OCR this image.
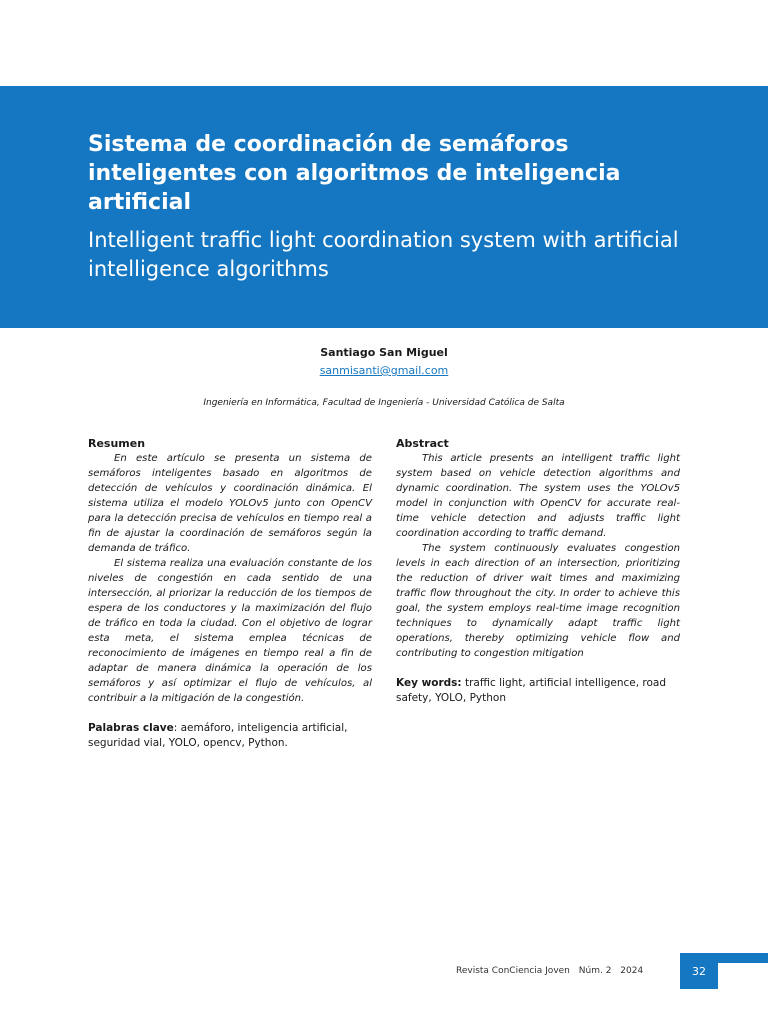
Sistema de coordinación de semáforos inteligentes con algoritmos de inteligencia artificial
Intelligent traffic light coordination system with artificial intelligence algorithms
Santiago San Miguel
sanmisanti@gmail.com
Ingeniería en Informática, Facultad de Ingeniería - Universidad Católica de Salta
Resumen

En este artículo se presenta un sistema de semáforos inteligentes basado en algoritmos de detección de vehículos y coordinación dinámica. El sistema utiliza el modelo YOLOv5 junto con OpenCV para la detección precisa de vehículos en tiempo real a fin de ajustar la coordinación de semáforos según la demanda de tráfico.

El sistema realiza una evaluación constante de los niveles de congestión en cada sentido de una intersección, al priorizar la reducción de los tiempos de espera de los conductores y la maximización del flujo de tráfico en toda la ciudad. Con el objetivo de lograr esta meta, el sistema emplea técnicas de reconocimiento de imágenes en tiempo real a fin de adaptar de manera dinámica la operación de los semáforos y así optimizar el flujo de vehículos, al contribuir a la mitigación de la congestión.

Palabras clave: aemáforo, inteligencia artificial, seguridad vial, YOLO, opencv, Python.
Abstract

This article presents an intelligent traffic light system based on vehicle detection algorithms and dynamic coordination. The system uses the YOLOv5 model in conjunction with OpenCV for accurate real-time vehicle detection and adjusts traffic light coordination according to traffic demand.

The system continuously evaluates congestion levels in each direction of an intersection, prioritizing the reduction of driver wait times and maximizing traffic flow throughout the city. In order to achieve this goal, the system employs real-time image recognition techniques to dynamically adapt traffic light operations, thereby optimizing vehicle flow and contributing to congestion mitigation

Key words: traffic light, artificial intelligence, road safety, YOLO, Python
Revista ConCiencia Joven Núm. 2 2024	32
